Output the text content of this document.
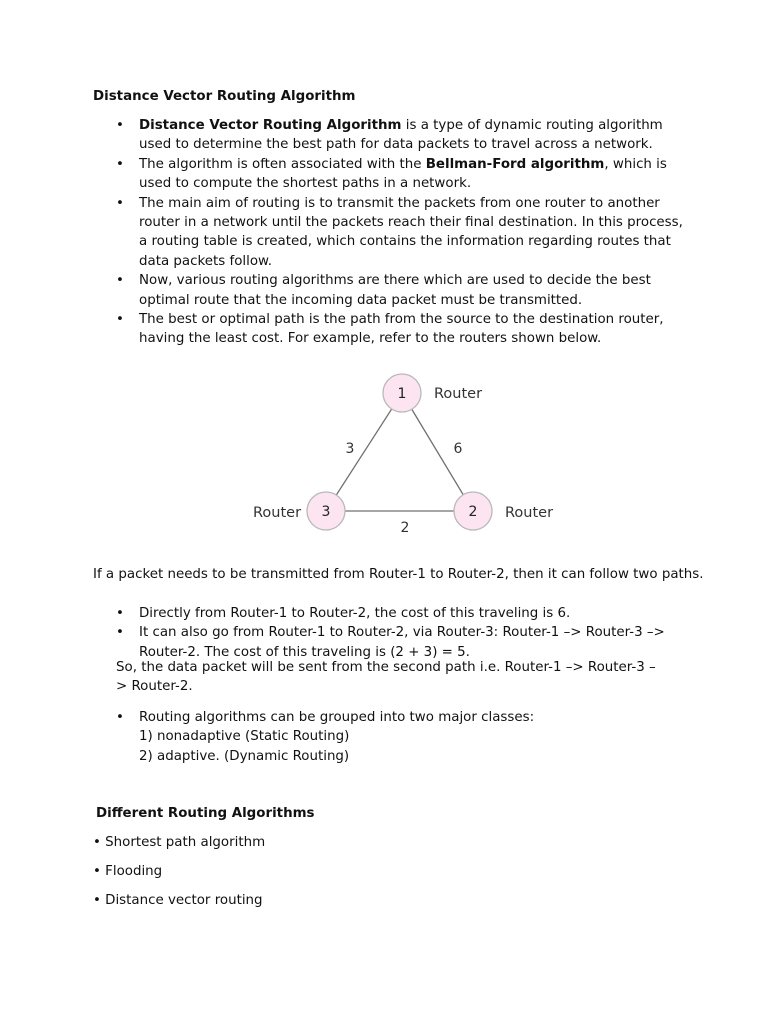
Distance Vector Routing Algorithm
• Distance Vector Routing Algorithm is a type of dynamic routing algorithm used to determine the best path for data packets to travel across a network.
• The algorithm is often associated with the Bellman-Ford algorithm, which is used to compute the shortest paths in a network.
• The main aim of routing is to transmit the packets from one router to another router in a network until the packets reach their final destination. In this process, a routing table is created, which contains the information regarding routes that data packets follow.
• Now, various routing algorithms are there which are used to decide the best optimal route that the incoming data packet must be transmitted.
• The best or optimal path is the path from the source to the destination router, having the least cost. For example, refer to the routers shown below.
1
3	2
Router
Router	Router
3	6
2
If a packet needs to be transmitted from Router-1 to Router-2, then it can follow two paths.
• Directly from Router-1 to Router-2, the cost of this traveling is 6.
• It can also go from Router-1 to Router-2, via Router-3: Router-1 –> Router-3 –> Router-2. The cost of this traveling is (2 + 3) = 5.
So, the data packet will be sent from the second path i.e. Router-1 –> Router-3 –> Router-2.
• Routing algorithms can be grouped into two major classes:
1) nonadaptive (Static Routing)
2) adaptive. (Dynamic Routing)
Different Routing Algorithms
• Shortest path algorithm
• Flooding
• Distance vector routing
